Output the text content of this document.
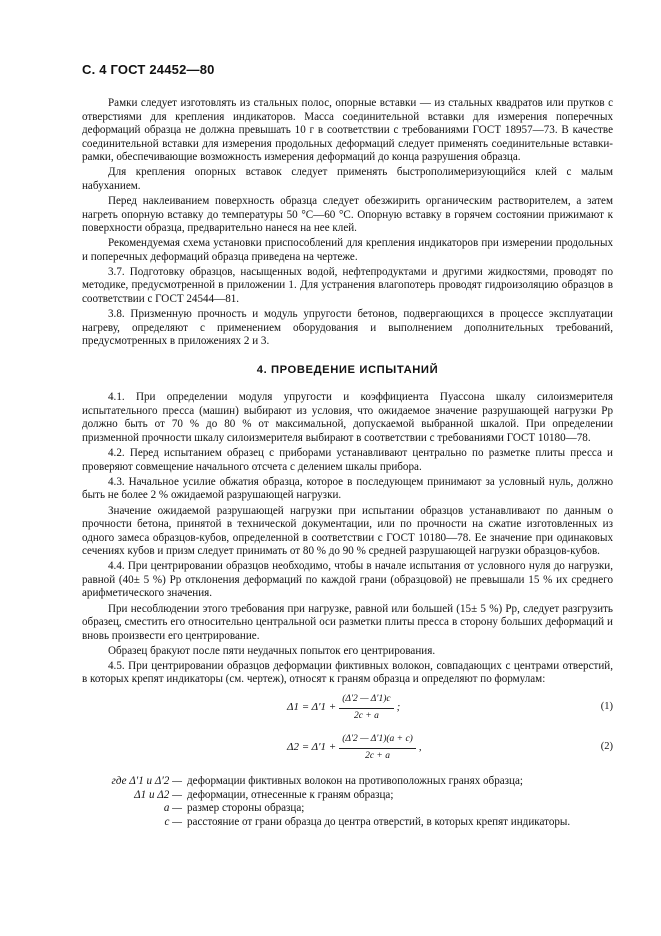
С. 4 ГОСТ 24452—80

Рамки следует изготовлять из стальных полос, опорные вставки — из стальных квадратов или прутков с отверстиями для крепления индикаторов. Масса соединительной вставки для измерения поперечных деформаций образца не должна превышать 10 г в соответствии с требованиями ГОСТ 18957—73. В качестве соединительной вставки для измерения продольных деформаций следует применять соединительные вставки-рамки, обеспечивающие возможность измерения деформаций до конца разрушения образца.

Для крепления опорных вставок следует применять быстрополимеризующийся клей с малым набуханием.

Перед наклеиванием поверхность образца следует обезжирить органическим растворителем, а затем нагреть опорную вставку до температуры 50 °С—60 °С. Опорную вставку в горячем состоянии прижимают к поверхности образца, предварительно нанеся на нее клей.

Рекомендуемая схема установки приспособлений для крепления индикаторов при измерении продольных и поперечных деформаций образца приведена на чертеже.

3.7. Подготовку образцов, насыщенных водой, нефтепродуктами и другими жидкостями, проводят по методике, предусмотренной в приложении 1. Для устранения влагопотерь проводят гидроизоляцию образцов в соответствии с ГОСТ 24544—81.

3.8. Призменную прочность и модуль упругости бетонов, подвергающихся в процессе эксплуатации нагреву, определяют с применением оборудования и выполнением дополнительных требований, предусмотренных в приложениях 2 и 3.

4. ПРОВЕДЕНИЕ ИСПЫТАНИЙ

4.1. При определении модуля упругости и коэффициента Пуассона шкалу силоизмерителя испытательного пресса (машин) выбирают из условия, что ожидаемое значение разрушающей нагрузки Pр должно быть от 70 % до 80 % от максимальной, допускаемой выбранной шкалой. При определении призменной прочности шкалу силоизмерителя выбирают в соответствии с требованиями ГОСТ 10180—78.

4.2. Перед испытанием образец с приборами устанавливают центрально по разметке плиты пресса и проверяют совмещение начального отсчета с делением шкалы прибора.

4.3. Начальное усилие обжатия образца, которое в последующем принимают за условный нуль, должно быть не более 2 % ожидаемой разрушающей нагрузки.

Значение ожидаемой разрушающей нагрузки при испытании образцов устанавливают по данным о прочности бетона, принятой в технической документации, или по прочности на сжатие изготовленных из одного замеса образцов-кубов, определенной в соответствии с ГОСТ 10180—78. Ее значение при одинаковых сечениях кубов и призм следует принимать от 80 % до 90 % средней разрушающей нагрузки образцов-кубов.

4.4. При центрировании образцов необходимо, чтобы в начале испытания от условного нуля до нагрузки, равной (40± 5 %) Pр отклонения деформаций по каждой грани (образцовой) не превышали 15 % их среднего арифметического значения.

При несоблюдении этого требования при нагрузке, равной или большей (15± 5 %) Pр, следует разгрузить образец, сместить его относительно центральной оси разметки плиты пресса в сторону больших деформаций и вновь произвести его центрирование.

Образец бракуют после пяти неудачных попыток его центрирования.

4.5. При центрировании образцов деформации фиктивных волокон, совпадающих с центрами отверстий, в которых крепят индикаторы (см. чертеж), относят к граням образца и определяют по формулам:

$\Delta 1 = \Delta'1 + \frac{(\Delta'2 — \Delta'1)c}{2c + a}$ ;	(1)
$\Delta 2 = \Delta'1 + \frac{(\Delta'2 — \Delta'1)(a + c)}{2c + a}$ ,	(2)
где Δ′1 и Δ′2 — деформации фиктивных волокон на противоположных гранях образца;
Δ1 и Δ2 — деформации, отнесенные к граням образца;
a — размер стороны образца;
c — расстояние от грани образца до центра отверстий, в которых крепят индикаторы.
